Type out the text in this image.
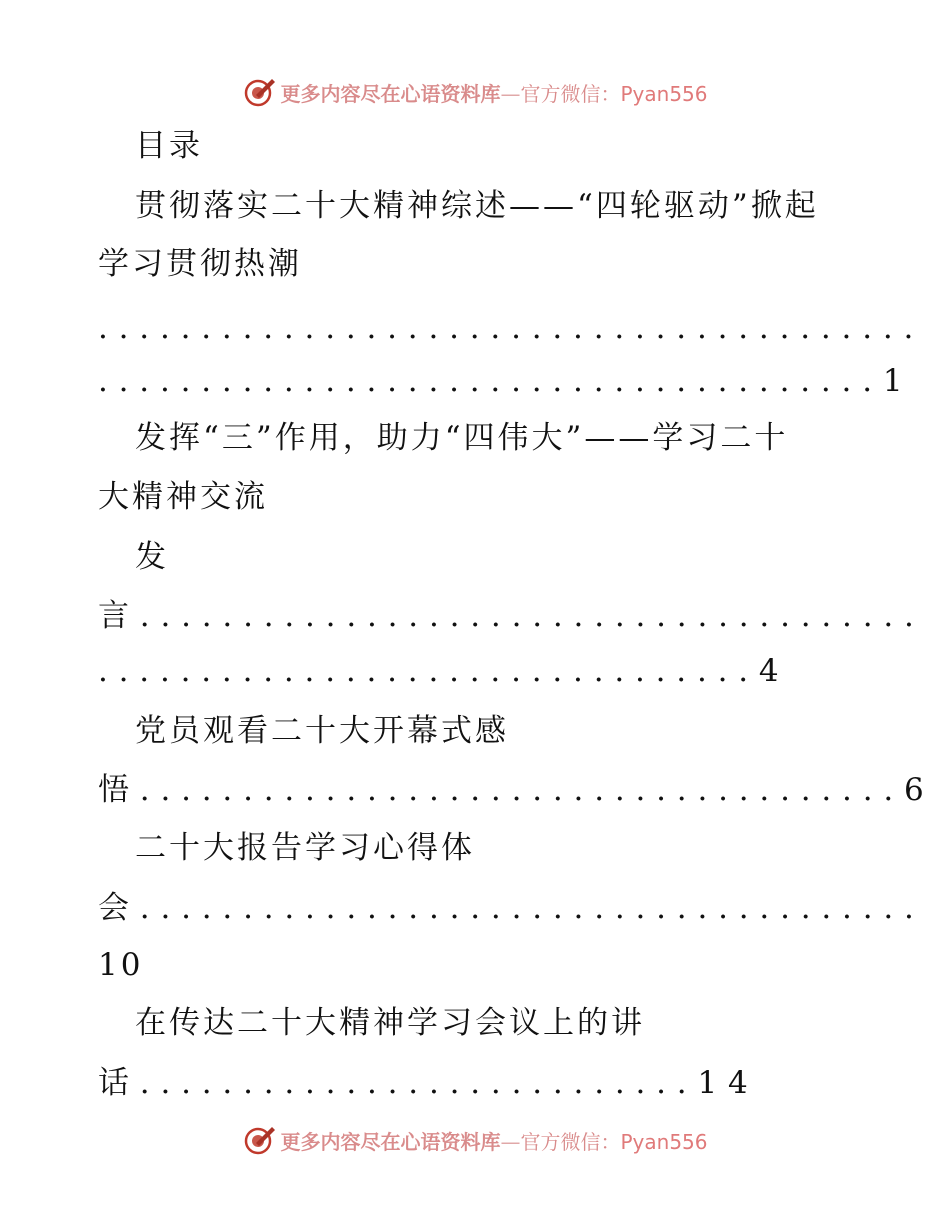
更多内容尽在心语资料库—官方微信：Pyan556
目录
贯彻落实二十大精神综述——“四轮驱动”掀起
学习贯彻热潮
........................................
......................................1
发挥“三”作用，助力“四伟大”——学习二十
大精神交流
发
言......................................
................................4
党员观看二十大开幕式感
悟.....................................6
二十大报告学习心得体
会......................................
10
在传达二十大精神学习会议上的讲
话...........................14
更多内容尽在心语资料库—官方微信：Pyan556
